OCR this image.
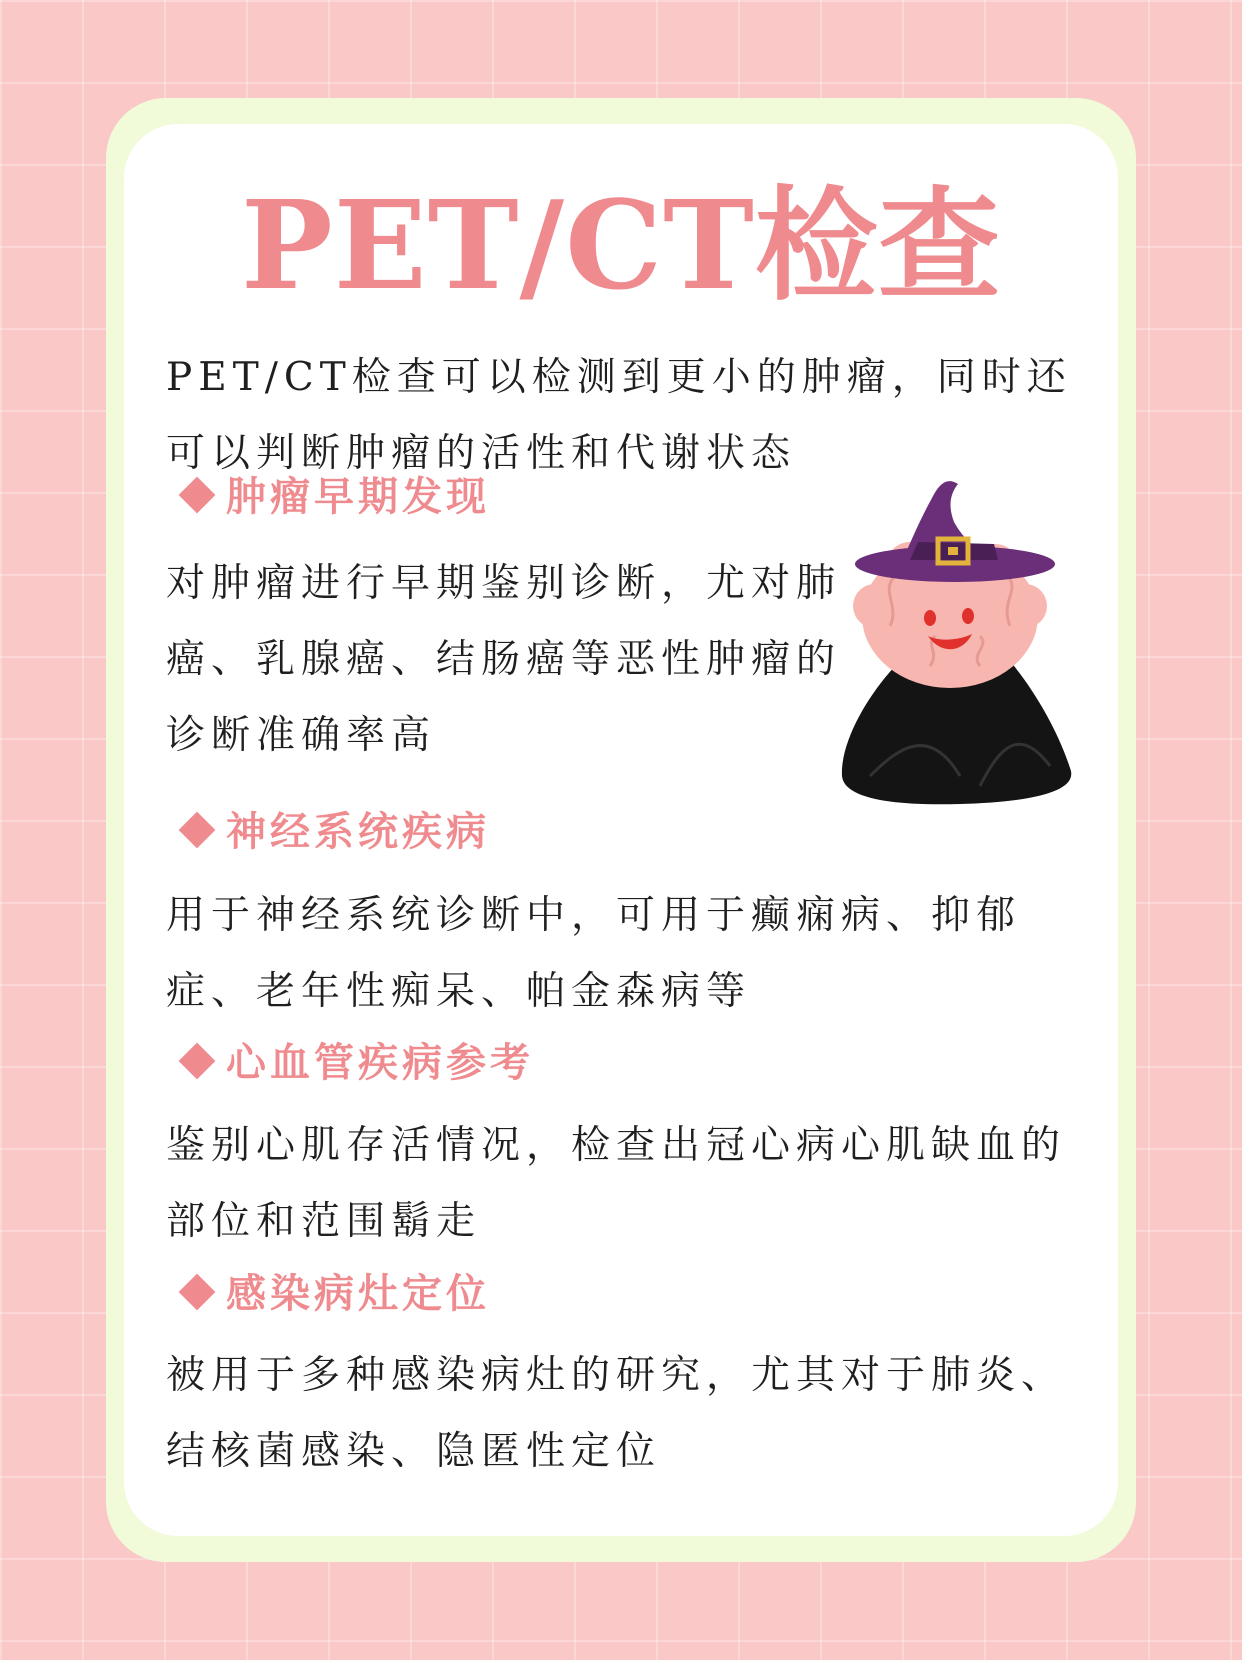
PET/CT检查

PET/CT检查可以检测到更小的肿瘤，同时还可以判断肿瘤的活性和代谢状态

肿瘤早期发现

对肿瘤进行早期鉴别诊断，尤对肺癌、乳腺癌、结肠癌等恶性肿瘤的诊断准确率高

神经系统疾病

用于神经系统诊断中，可用于癫痫病、抑郁症、老年性痴呆、帕金森病等

心血管疾病参考

鉴别心肌存活情况，检查出冠心病心肌缺血的部位和范围鬍走

感染病灶定位

被用于多种感染病灶的研究，尤其对于肺炎、结核菌感染、隐匿性定位
